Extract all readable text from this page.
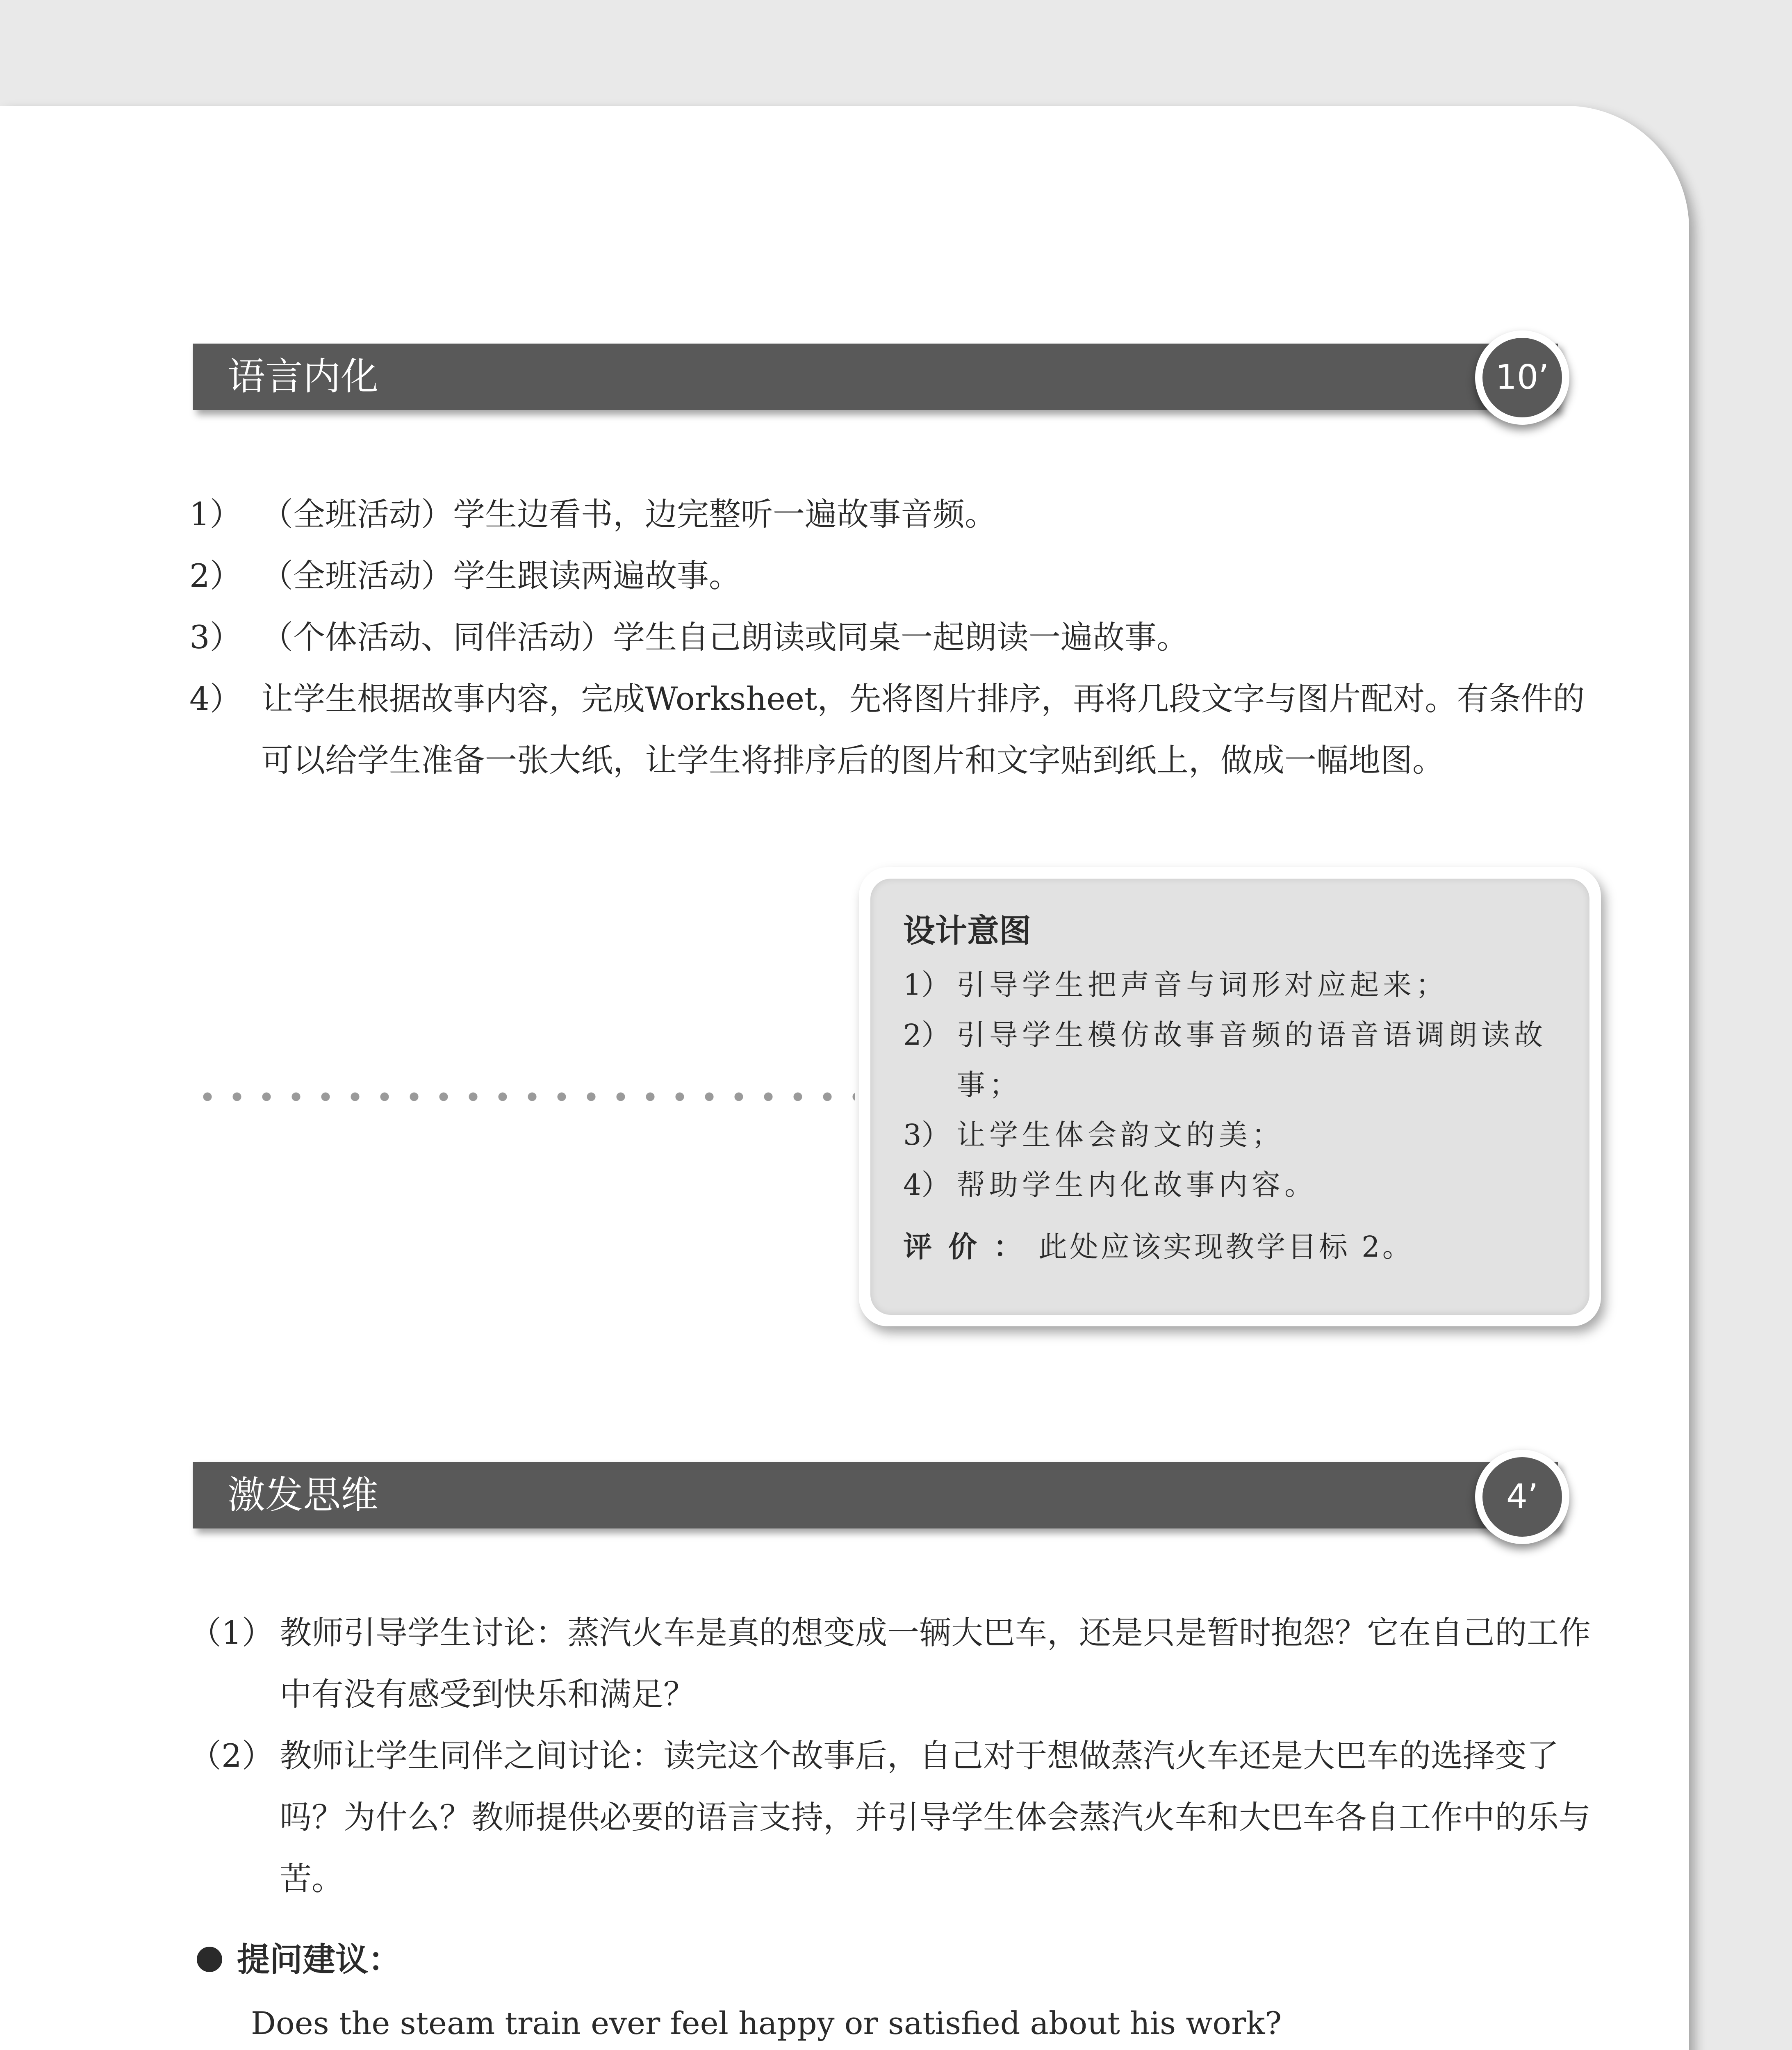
语言内化	10’
1） （全班活动）学生边看书，边完整听一遍故事音频。
2） （全班活动）学生跟读两遍故事。
3） （个体活动、同伴活动）学生自己朗读或同桌一起朗读一遍故事。
4） 让学生根据故事内容，完成Worksheet，先将图片排序，再将几段文字与图片配对。有条件的可以给学生准备一张大纸，让学生将排序后的图片和文字贴到纸上，做成一幅地图。
设计意图
1） 引导学生把声音与词形对应起来；
2） 引导学生模仿故事音频的语音语调朗读故事；
3） 让学生体会韵文的美；
4） 帮助学生内化故事内容。
评价：此处应该实现教学目标 2。
激发思维	4’
（1） 教师引导学生讨论：蒸汽火车是真的想变成一辆大巴车，还是只是暂时抱怨？它在自己的工作中有没有感受到快乐和满足？
（2） 教师让学生同伴之间讨论：读完这个故事后，自己对于想做蒸汽火车还是大巴车的选择变了吗？为什么？教师提供必要的语言支持，并引导学生体会蒸汽火车和大巴车各自工作中的乐与苦。
提问建议：
Does the steam train ever feel happy or satisfied about his work?
